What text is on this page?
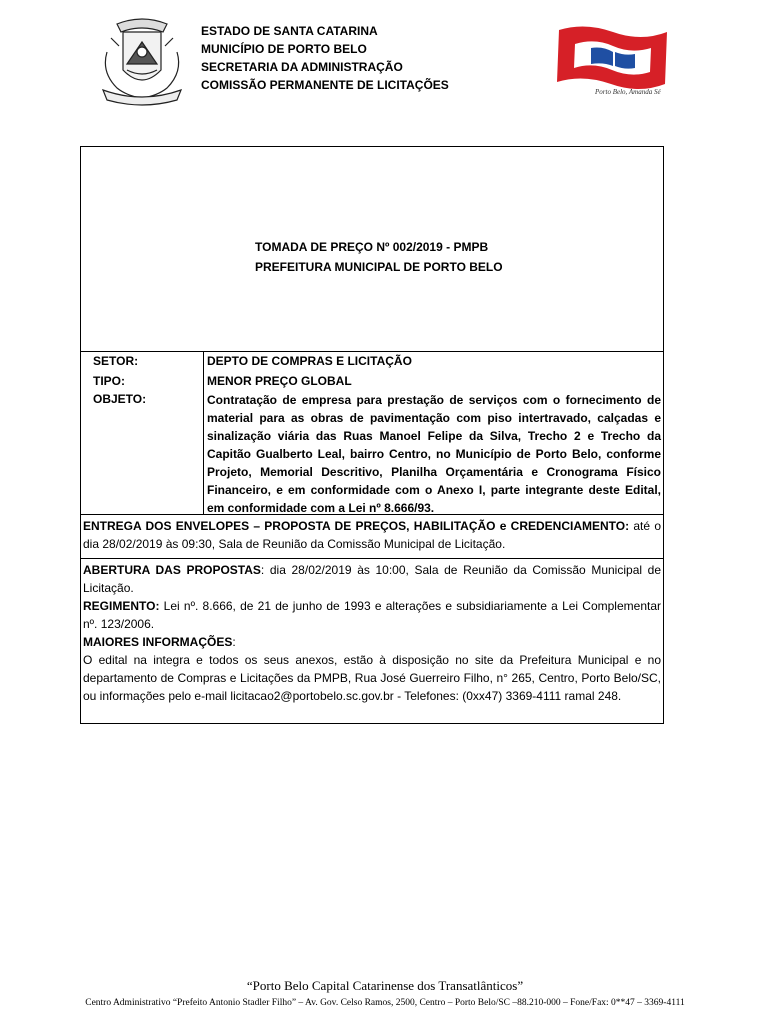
ESTADO DE SANTA CATARINA
MUNICÍPIO DE PORTO BELO
SECRETARIA DA ADMINISTRAÇÃO
COMISSÃO PERMANENTE DE LICITAÇÕES	Porto Belo, Amanda Sé
TOMADA DE PREÇO Nº 002/2019 - PMPB
PREFEITURA MUNICIPAL DE PORTO BELO
SETOR:	DEPTO DE COMPRAS E LICITAÇÃO
TIPO:	MENOR PREÇO GLOBAL
OBJETO:	Contratação de empresa para prestação de serviços com o fornecimento de material para as obras de pavimentação com piso intertravado, calçadas e sinalização viária das Ruas Manoel Felipe da Silva, Trecho 2 e Trecho da Capitão Gualberto Leal, bairro Centro, no Município de Porto Belo, conforme Projeto, Memorial Descritivo, Planilha Orçamentária e Cronograma Físico Financeiro, e em conformidade com o Anexo I, parte integrante deste Edital, em conformidade com a Lei nº 8.666/93.
ENTREGA DOS ENVELOPES – PROPOSTA DE PREÇOS, HABILITAÇÃO e CREDENCIAMENTO: até o dia 28/02/2019 às 09:30, Sala de Reunião da Comissão Municipal de Licitação.
ABERTURA DAS PROPOSTAS: dia 28/02/2019 às 10:00, Sala de Reunião da Comissão Municipal de Licitação.
REGIMENTO: Lei nº. 8.666, de 21 de junho de 1993 e alterações e subsidiariamente a Lei Complementar nº. 123/2006.
MAIORES INFORMAÇÕES:
O edital na integra e todos os seus anexos, estão à disposição no site da Prefeitura Municipal e no departamento de Compras e Licitações da PMPB, Rua José Guerreiro Filho, n° 265, Centro, Porto Belo/SC, ou informações pelo e-mail licitacao2@portobelo.sc.gov.br - Telefones: (0xx47) 3369-4111 ramal 248.
“Porto Belo Capital Catarinense dos Transatlânticos”
Centro Administrativo “Prefeito Antonio Stadler Filho” – Av. Gov. Celso Ramos, 2500, Centro – Porto Belo/SC –88.210-000 – Fone/Fax: 0**47 – 3369-4111
